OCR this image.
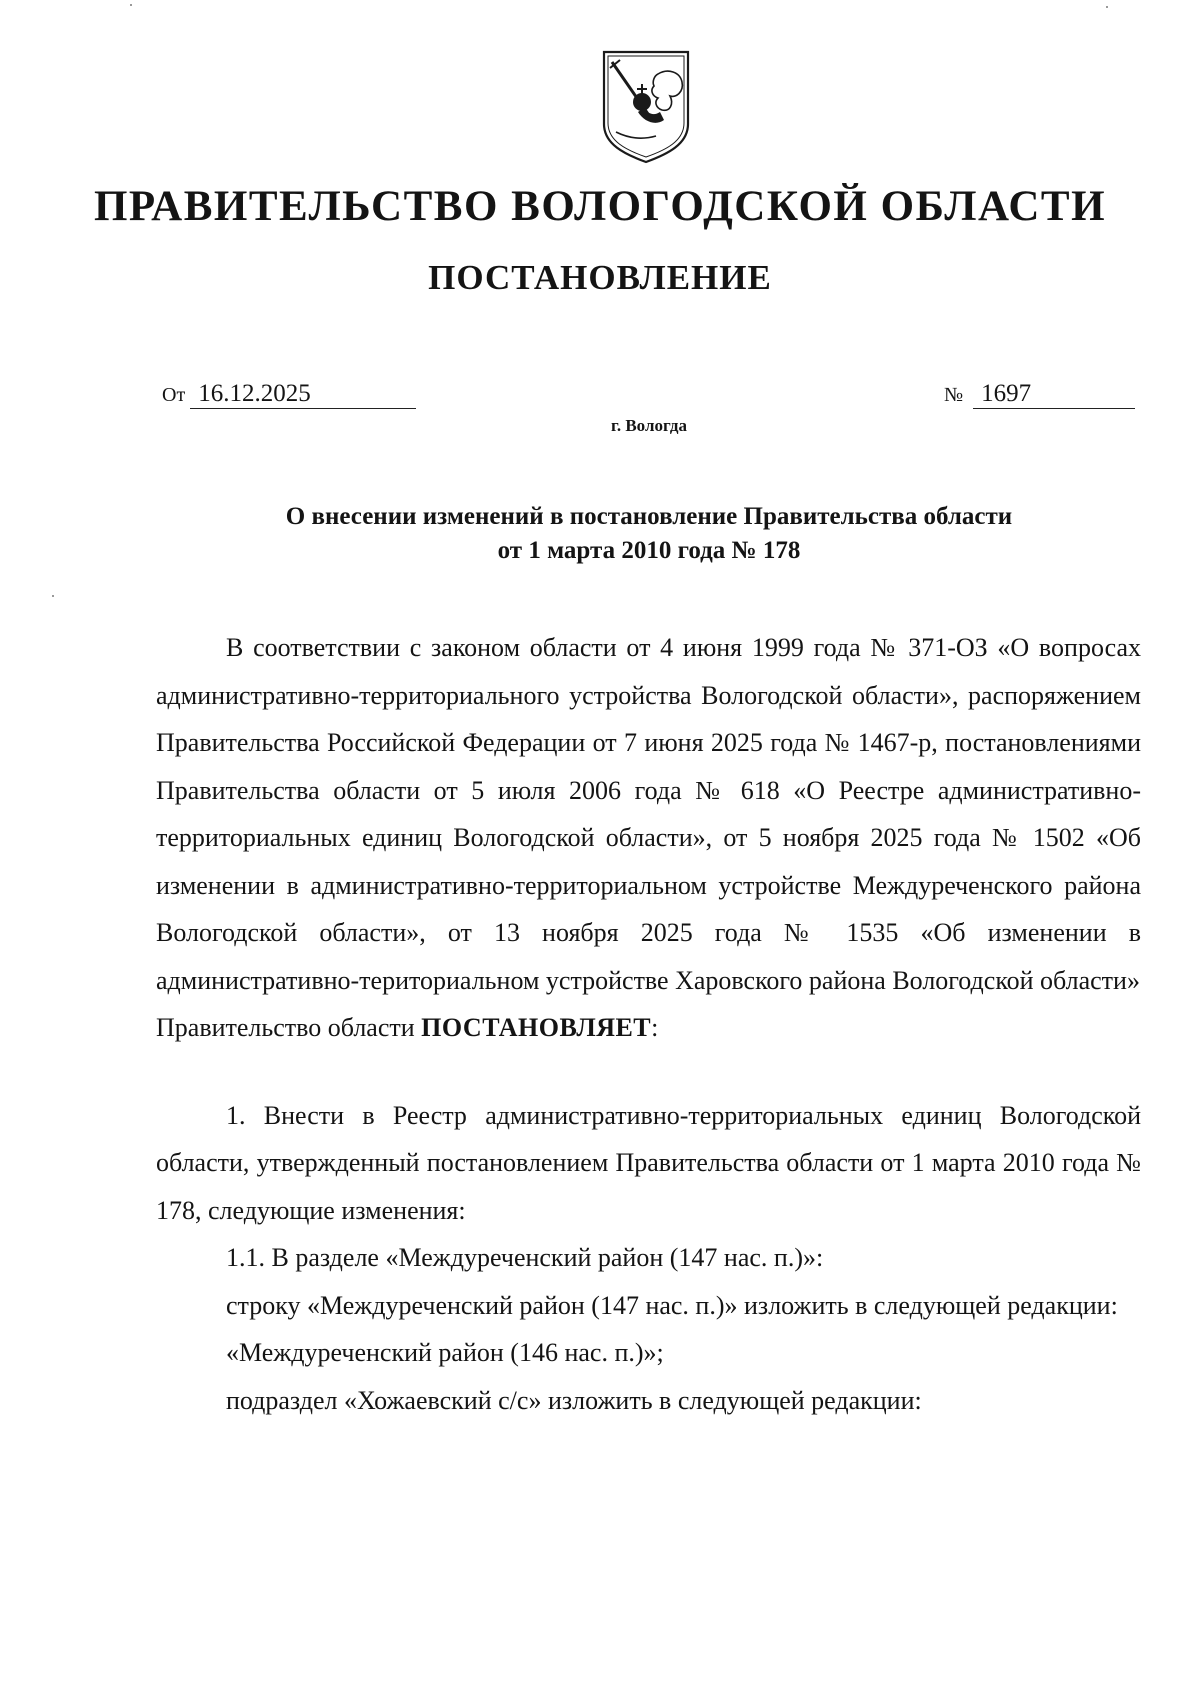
ПРАВИТЕЛЬСТВО ВОЛОГОДСКОЙ ОБЛАСТИ
ПОСТАНОВЛЕНИЕ
От 16.12.2025	№ 1697
г. Вологда
О внесении изменений в постановление Правительства области
от 1 марта 2010 года № 178

В соответствии с законом области от 4 июня 1999 года № 371-ОЗ «О вопросах административно-территориального устройства Вологодской области», распоряжением Правительства Российской Федерации от 7 июня 2025 года № 1467-р, постановлениями Правительства области от 5 июля 2006 года № 618 «О Реестре административно-территориальных единиц Вологодской области», от 5 ноября 2025 года № 1502 «Об изменении в административно-территориальном устройстве Междуреченского района Вологодской области», от 13 ноября 2025 года № 1535 «Об изменении в административно-териториальном устройстве Харовского района Вологодской области»

Правительство области ПОСТАНОВЛЯЕТ:

1. Внести в Реестр административно-территориальных единиц Вологодской области, утвержденный постановлением Правительства области от 1 марта 2010 года № 178, следующие изменения:

1.1. В разделе «Междуреченский район (147 нас. п.)»:

строку «Междуреченский район (147 нас. п.)» изложить в следующей редакции:

«Междуреченский район (146 нас. п.)»;

подраздел «Хожаевский с/с» изложить в следующей редакции:
